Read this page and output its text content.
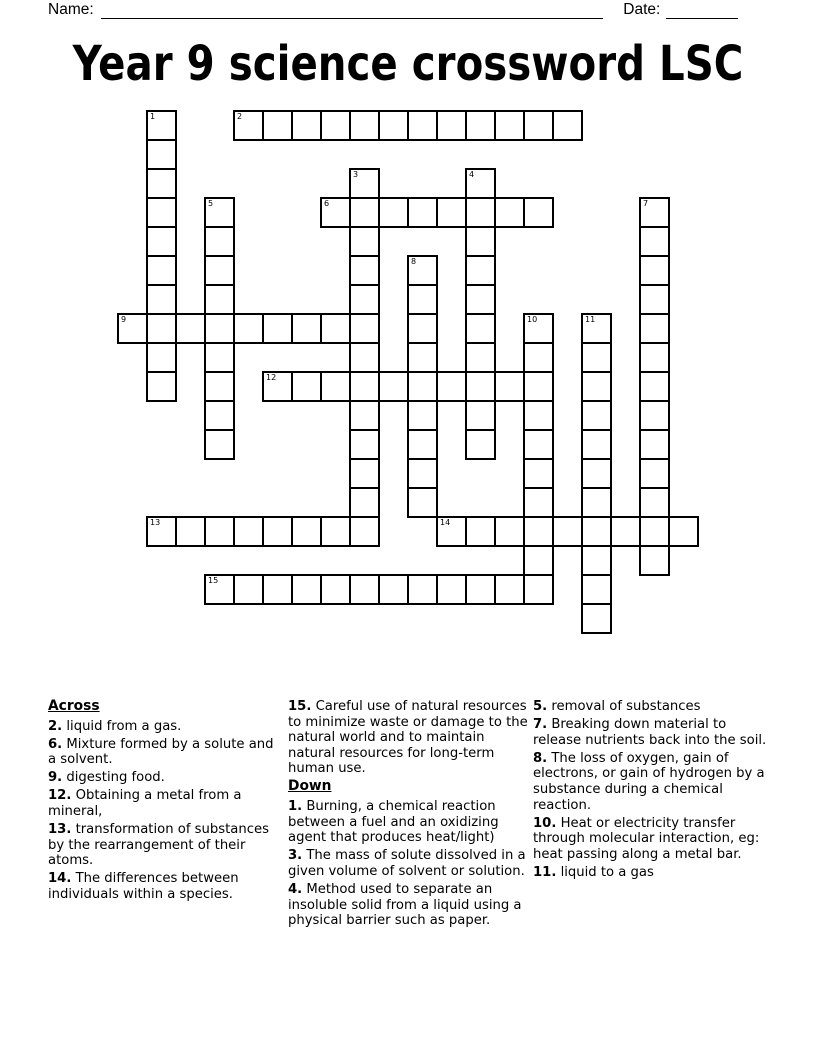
Name:	Date:
Year 9 science crossword LSC
1	2
3	4
5	6	7
8
9	10	11
12
13	14
15
Across

2. liquid from a gas.

6. Mixture formed by a solute and a solvent.

9. digesting food.

12. Obtaining a metal from a mineral,

13. transformation of substances by the rearrangement of their atoms.

14. The differences between individuals within a species.

15. Careful use of natural resources to minimize waste or damage to the natural world and to maintain natural resources for long-term human use.

Down

1. Burning, a chemical reaction between a fuel and an oxidizing agent that produces heat/light)

3. The mass of solute dissolved in a given volume of solvent or solution.

4. Method used to separate an insoluble solid from a liquid using a physical barrier such as paper.

5. removal of substances

7. Breaking down material to release nutrients back into the soil.

8. The loss of oxygen, gain of electrons, or gain of hydrogen by a substance during a chemical reaction.

10. Heat or electricity transfer through molecular interaction, eg: heat passing along a metal bar.

11. liquid to a gas
